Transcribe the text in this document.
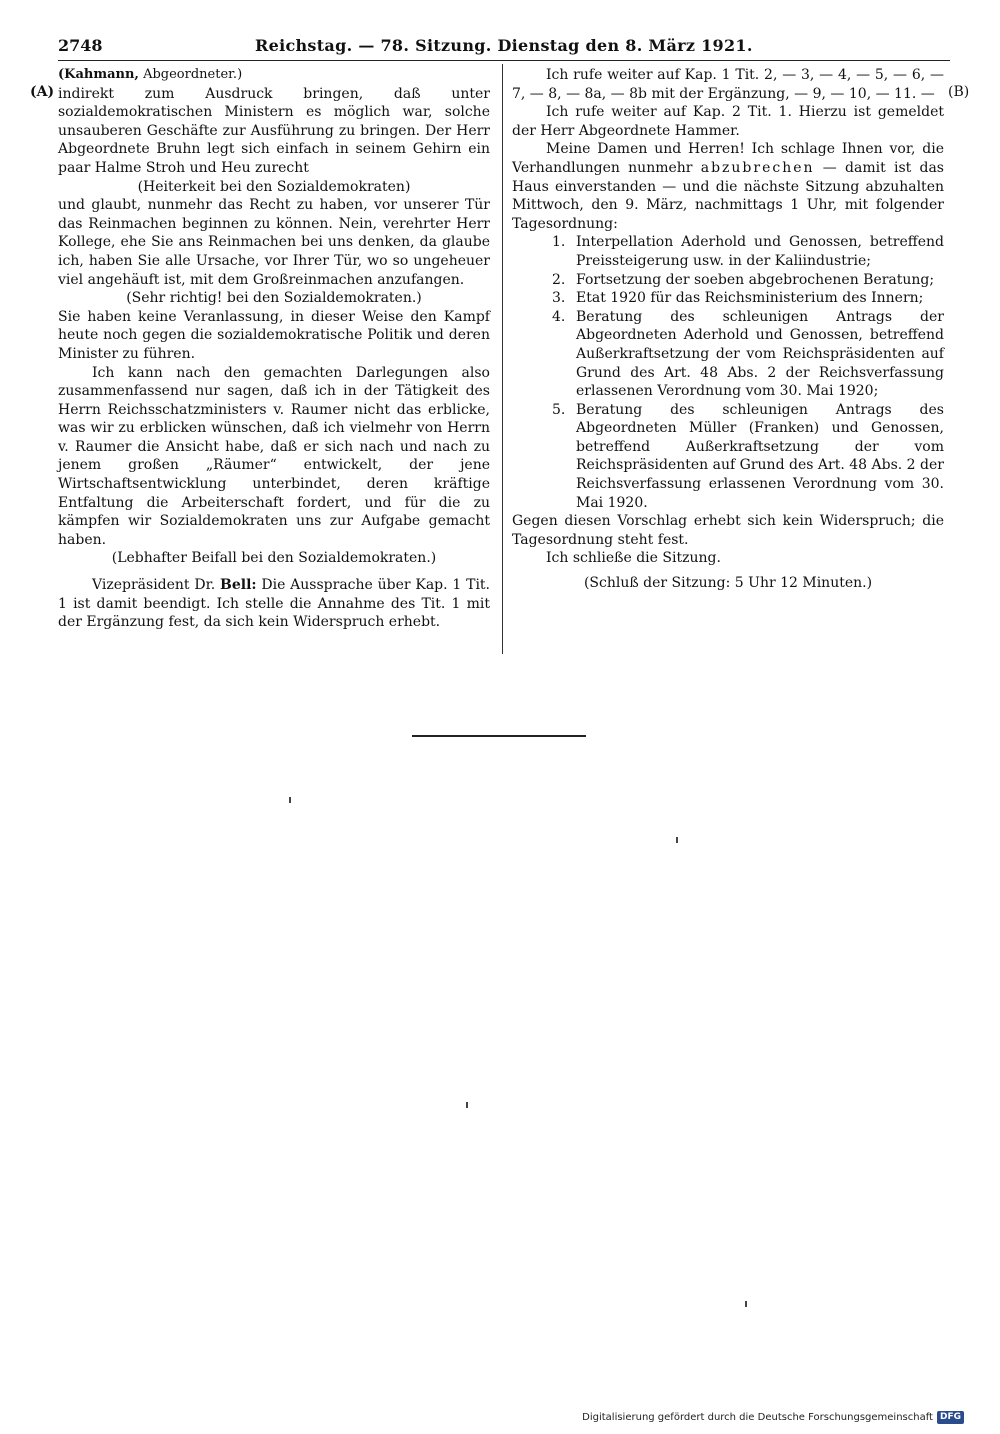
2748	Reichstag. — 78. Sitzung. Dienstag den 8. März 1921.
(A)	(B)

(Kahmann, Abgeordneter.)

indirekt zum Ausdruck bringen, daß unter sozialdemokratischen Ministern es möglich war, solche unsauberen Geschäfte zur Ausführung zu bringen. Der Herr Abgeordnete Bruhn legt sich einfach in seinem Gehirn ein paar Halme Stroh und Heu zurecht

(Heiterkeit bei den Sozialdemokraten)

und glaubt, nunmehr das Recht zu haben, vor unserer Tür das Reinmachen beginnen zu können. Nein, verehrter Herr Kollege, ehe Sie ans Reinmachen bei uns denken, da glaube ich, haben Sie alle Ursache, vor Ihrer Tür, wo so ungeheuer viel angehäuft ist, mit dem Großreinmachen anzufangen.

(Sehr richtig! bei den Sozialdemokraten.)

Sie haben keine Veranlassung, in dieser Weise den Kampf heute noch gegen die sozialdemokratische Politik und deren Minister zu führen.

Ich kann nach den gemachten Darlegungen also zusammenfassend nur sagen, daß ich in der Tätigkeit des Herrn Reichsschatzministers v. Raumer nicht das erblicke, was wir zu erblicken wünschen, daß ich vielmehr von Herrn v. Raumer die Ansicht habe, daß er sich nach und nach zu jenem großen „Räumer“ entwickelt, der jene Wirtschaftsentwicklung unterbindet, deren kräftige Entfaltung die Arbeiterschaft fordert, und für die zu kämpfen wir Sozialdemokraten uns zur Aufgabe gemacht haben.

(Lebhafter Beifall bei den Sozialdemokraten.)

Vizepräsident Dr. Bell: Die Aussprache über Kap. 1 Tit. 1 ist damit beendigt. Ich stelle die Annahme des Tit. 1 mit der Ergänzung fest, da sich kein Widerspruch erhebt.

Ich rufe weiter auf Kap. 1 Tit. 2, — 3, — 4, — 5, — 6, — 7, — 8, — 8a, — 8b mit der Ergänzung, — 9, — 10, — 11. —

Ich rufe weiter auf Kap. 2 Tit. 1. Hierzu ist gemeldet der Herr Abgeordnete Hammer.

Meine Damen und Herren! Ich schlage Ihnen vor, die Verhandlungen nunmehr abzubrechen — damit ist das Haus einverstanden — und die nächste Sitzung abzuhalten Mittwoch, den 9. März, nachmittags 1 Uhr, mit folgender Tagesordnung:

1. Interpellation Aderhold und Genossen, betreffend Preissteigerung usw. in der Kaliindustrie;
2. Fortsetzung der soeben abgebrochenen Beratung;
3. Etat 1920 für das Reichsministerium des Innern;
4. Beratung des schleunigen Antrags der Abgeordneten Aderhold und Genossen, betreffend Außerkraftsetzung der vom Reichspräsidenten auf Grund des Art. 48 Abs. 2 der Reichsverfassung erlassenen Verordnung vom 30. Mai 1920;
5. Beratung des schleunigen Antrags des Abgeordneten Müller (Franken) und Genossen, betreffend Außerkraftsetzung der vom Reichspräsidenten auf Grund des Art. 48 Abs. 2 der Reichsverfassung erlassenen Verordnung vom 30. Mai 1920.

Gegen diesen Vorschlag erhebt sich kein Widerspruch; die Tagesordnung steht fest.

Ich schließe die Sitzung.

(Schluß der Sitzung: 5 Uhr 12 Minuten.)

Digitalisierung gefördert durch die Deutsche Forschungsgemeinschaft DFG
